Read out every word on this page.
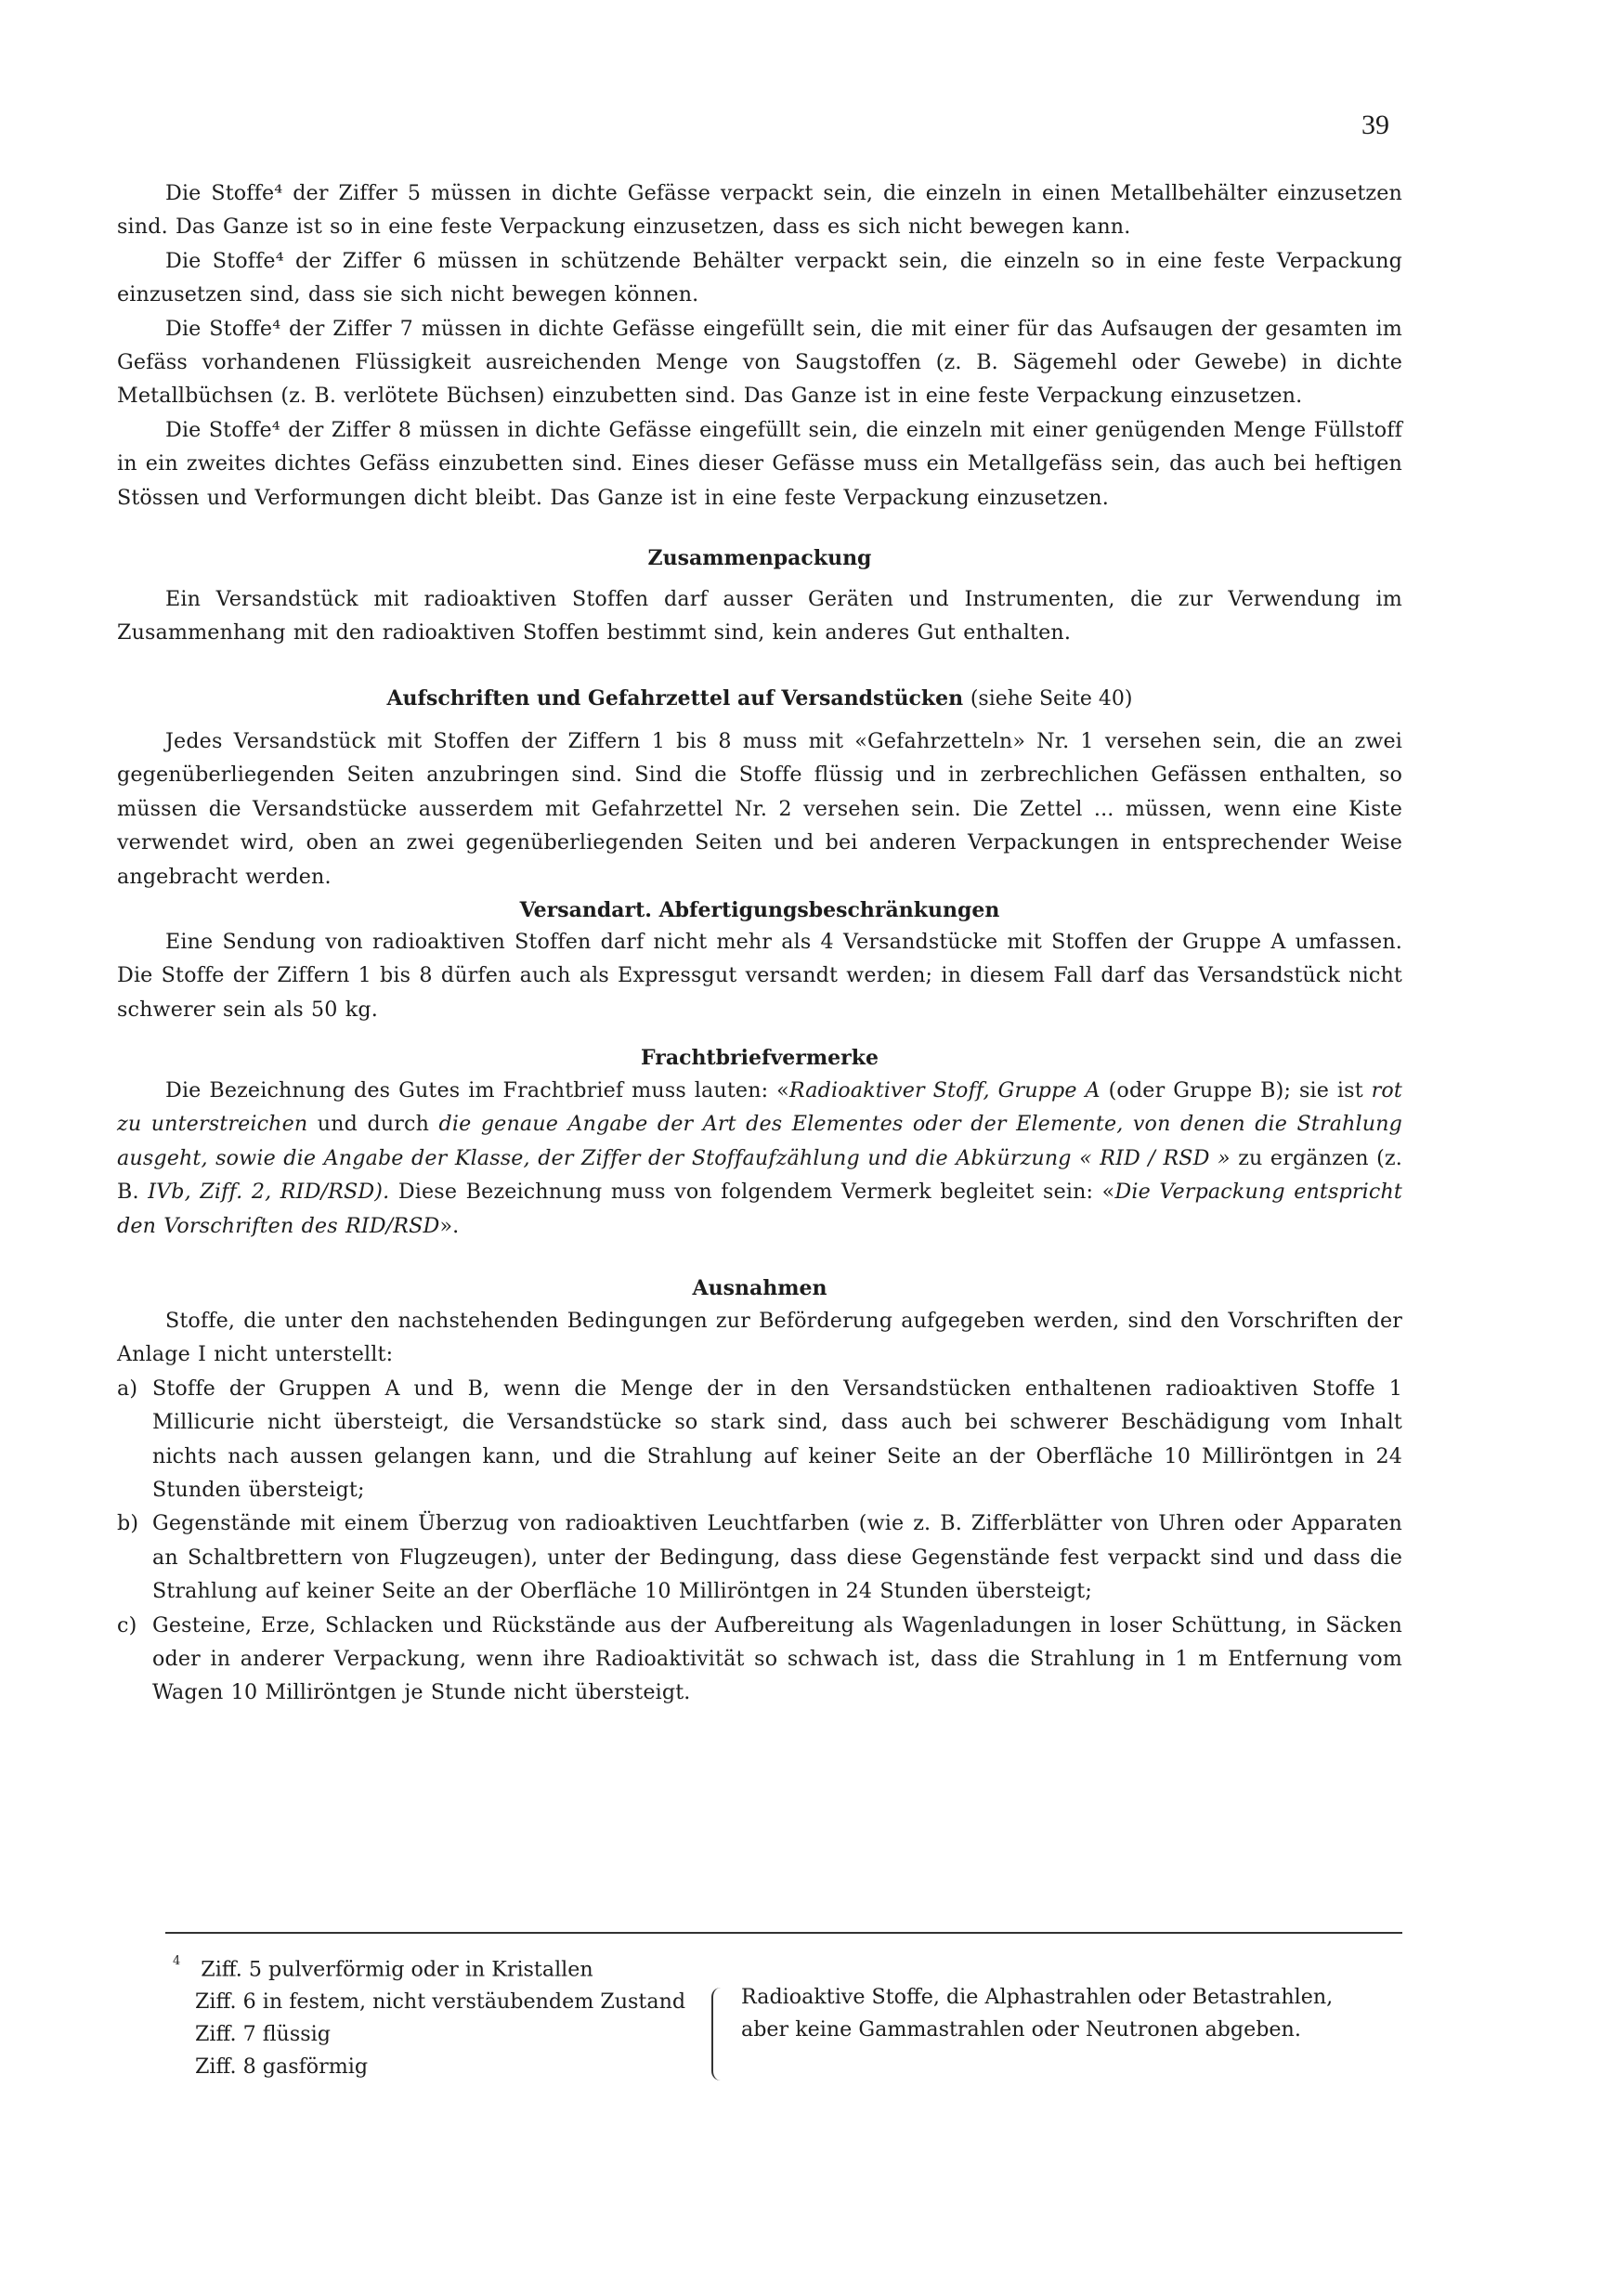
39

Die Stoffe⁴ der Ziffer 5 müssen in dichte Gefässe verpackt sein, die einzeln in einen Metallbehälter einzusetzen sind. Das Ganze ist so in eine feste Verpackung einzusetzen, dass es sich nicht bewegen kann.

Die Stoffe⁴ der Ziffer 6 müssen in schützende Behälter verpackt sein, die einzeln so in eine feste Verpackung einzusetzen sind, dass sie sich nicht bewegen können.

Die Stoffe⁴ der Ziffer 7 müssen in dichte Gefässe eingefüllt sein, die mit einer für das Aufsaugen der gesamten im Gefäss vorhandenen Flüssigkeit ausreichenden Menge von Saugstoffen (z. B. Sägemehl oder Gewebe) in dichte Metallbüchsen (z. B. verlötete Büchsen) einzubetten sind. Das Ganze ist in eine feste Verpackung einzusetzen.

Die Stoffe⁴ der Ziffer 8 müssen in dichte Gefässe eingefüllt sein, die einzeln mit einer genügenden Menge Füllstoff in ein zweites dichtes Gefäss einzubetten sind. Eines dieser Gefässe muss ein Metallgefäss sein, das auch bei heftigen Stössen und Verformungen dicht bleibt. Das Ganze ist in eine feste Verpackung einzusetzen.

Zusammenpackung

Ein Versandstück mit radioaktiven Stoffen darf ausser Geräten und Instrumenten, die zur Verwendung im Zusammenhang mit den radioaktiven Stoffen bestimmt sind, kein anderes Gut enthalten.

Aufschriften und Gefahrzettel auf Versandstücken (siehe Seite 40)

Jedes Versandstück mit Stoffen der Ziffern 1 bis 8 muss mit «Gefahrzetteln» Nr. 1 versehen sein, die an zwei gegenüberliegenden Seiten anzubringen sind. Sind die Stoffe flüssig und in zerbrechlichen Gefässen enthalten, so müssen die Versandstücke ausserdem mit Gefahrzettel Nr. 2 versehen sein. Die Zettel ... müssen, wenn eine Kiste verwendet wird, oben an zwei gegenüberliegenden Seiten und bei anderen Verpackungen in entsprechender Weise angebracht werden.

Versandart. Abfertigungsbeschränkungen

Eine Sendung von radioaktiven Stoffen darf nicht mehr als 4 Versandstücke mit Stoffen der Gruppe A umfassen. Die Stoffe der Ziffern 1 bis 8 dürfen auch als Expressgut versandt werden; in diesem Fall darf das Versandstück nicht schwerer sein als 50 kg.

Frachtbriefvermerke

Die Bezeichnung des Gutes im Frachtbrief muss lauten: «Radioaktiver Stoff, Gruppe A (oder Gruppe B); sie ist rot zu unterstreichen und durch die genaue Angabe der Art des Elementes oder der Elemente, von denen die Strahlung ausgeht, sowie die Angabe der Klasse, der Ziffer der Stoffaufzählung und die Abkürzung « RID / RSD » zu ergänzen (z. B. IVb, Ziff. 2, RID/RSD). Diese Bezeichnung muss von folgendem Vermerk begleitet sein: «Die Verpackung entspricht den Vorschriften des RID/RSD».

Ausnahmen

Stoffe, die unter den nachstehenden Bedingungen zur Beförderung aufgegeben werden, sind den Vorschriften der Anlage I nicht unterstellt:

a) Stoffe der Gruppen A und B, wenn die Menge der in den Versandstücken enthaltenen radioaktiven Stoffe 1 Millicurie nicht übersteigt, die Versandstücke so stark sind, dass auch bei schwerer Beschädigung vom Inhalt nichts nach aussen gelangen kann, und die Strahlung auf keiner Seite an der Oberfläche 10 Milliröntgen in 24 Stunden übersteigt;
b) Gegenstände mit einem Überzug von radioaktiven Leuchtfarben (wie z. B. Zifferblätter von Uhren oder Apparaten an Schaltbrettern von Flugzeugen), unter der Bedingung, dass diese Gegenstände fest verpackt sind und dass die Strahlung auf keiner Seite an der Oberfläche 10 Milliröntgen in 24 Stunden übersteigt;
c) Gesteine, Erze, Schlacken und Rückstände aus der Aufbereitung als Wagenladungen in loser Schüttung, in Säcken oder in anderer Verpackung, wenn ihre Radioaktivität so schwach ist, dass die Strahlung in 1 m Entfernung vom Wagen 10 Milliröntgen je Stunde nicht übersteigt.
$^4$ Ziff. 5 pulverförmig oder in Kristallen
Ziff. 6 in festem, nicht verstäubendem Zustand
Ziff. 7 flüssig
Ziff. 8 gasförmig
Radioaktive Stoffe, die Alphastrahlen oder Betastrahlen,
aber keine Gammastrahlen oder Neutronen abgeben.
